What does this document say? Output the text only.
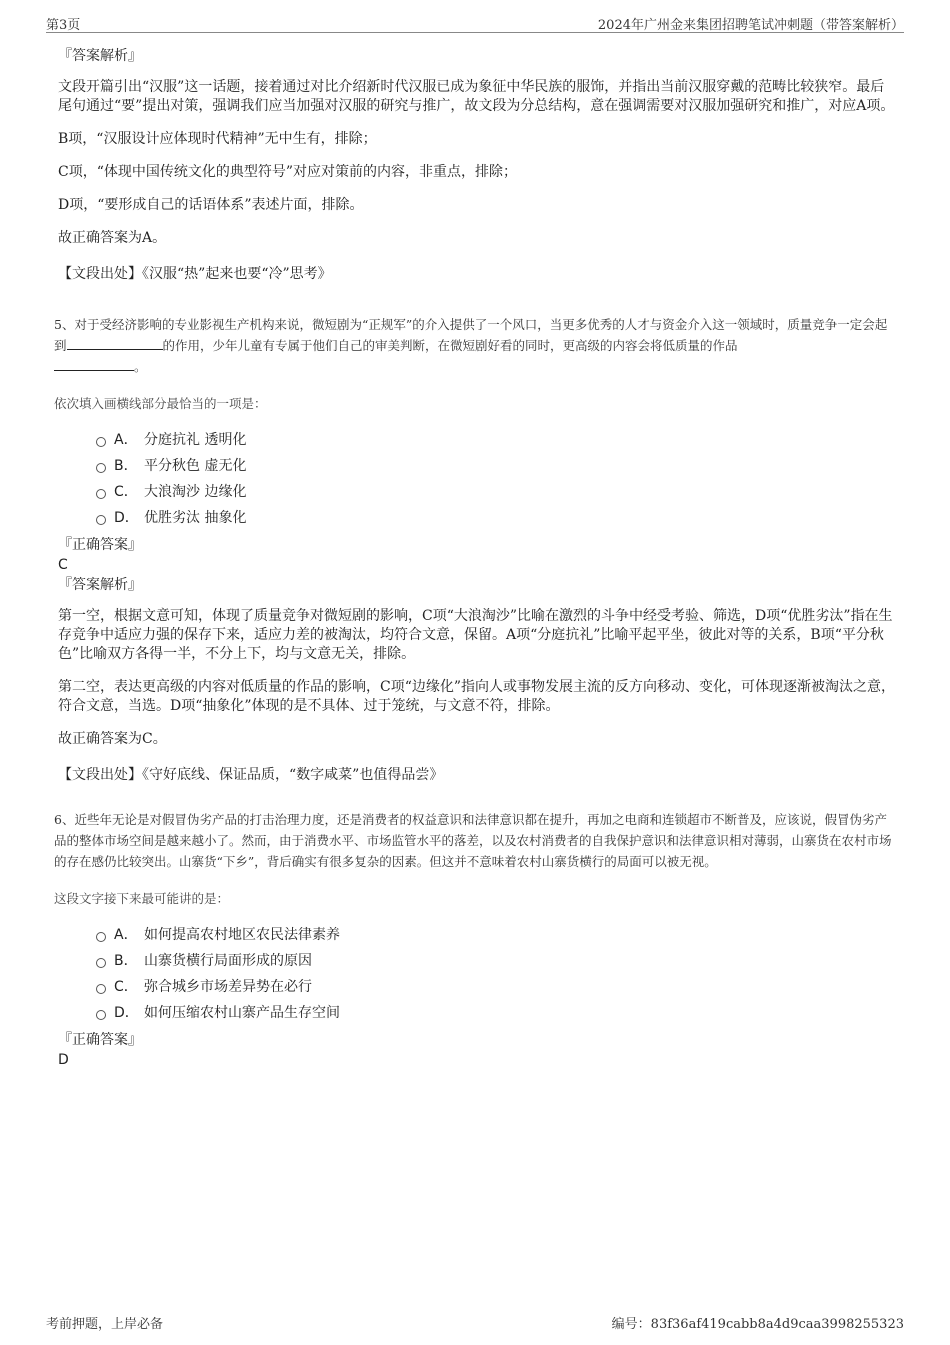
第3页	2024年广州金来集团招聘笔试冲刺题（带答案解析）
『答案解析』
文段开篇引出“汉服”这一话题，接着通过对比介绍新时代汉服已成为象征中华民族的服饰，并指出当前汉服穿戴的范畴比较狭窄。最后尾句通过“要”提出对策，强调我们应当加强对汉服的研究与推广，故文段为分总结构，意在强调需要对汉服加强研究和推广，对应A项。
B项，“汉服设计应体现时代精神”无中生有，排除；
C项，“体现中国传统文化的典型符号”对应对策前的内容，非重点，排除；
D项，“要形成自己的话语体系”表述片面，排除。
故正确答案为A。
【文段出处】《汉服“热”起来也要“冷”思考》
5、对于受经济影响的专业影视生产机构来说，微短剧为“正规军”的介入提供了一个风口，当更多优秀的人才与资金介入这一领域时，质量竞争一定会起到	的作用，少年儿童有专属于他们自己的审美判断，在微短剧好看的同时，更高级的内容会将低质量的作品
。
依次填入画横线部分最恰当的一项是：
A． 分庭抗礼 透明化
B． 平分秋色 虚无化
C． 大浪淘沙 边缘化
D． 优胜劣汰 抽象化
『正确答案』
C
『答案解析』
第一空，根据文意可知，体现了质量竞争对微短剧的影响，C项“大浪淘沙”比喻在激烈的斗争中经受考验、筛选，D项“优胜劣汰”指在生存竞争中适应力强的保存下来，适应力差的被淘汰，均符合文意，保留。A项“分庭抗礼”比喻平起平坐，彼此对等的关系，B项“平分秋色”比喻双方各得一半，不分上下，均与文意无关，排除。
第二空，表达更高级的内容对低质量的作品的影响，C项“边缘化”指向人或事物发展主流的反方向移动、变化，可体现逐渐被淘汰之意，符合文意，当选。D项“抽象化”体现的是不具体、过于笼统，与文意不符，排除。
故正确答案为C。
【文段出处】《守好底线、保证品质，“数字咸菜”也值得品尝》
6、近些年无论是对假冒伪劣产品的打击治理力度，还是消费者的权益意识和法律意识都在提升，再加之电商和连锁超市不断普及，应该说，假冒伪劣产品的整体市场空间是越来越小了。然而，由于消费水平、市场监管水平的落差，以及农村消费者的自我保护意识和法律意识相对薄弱，山寨货在农村市场的存在感仍比较突出。山寨货“下乡”，背后确实有很多复杂的因素。但这并不意味着农村山寨货横行的局面可以被无视。
这段文字接下来最可能讲的是：
A． 如何提高农村地区农民法律素养
B． 山寨货横行局面形成的原因
C． 弥合城乡市场差异势在必行
D． 如何压缩农村山寨产品生存空间
『正确答案』
D
考前押题，上岸必备	编号：83f36af419cabb8a4d9caa3998255323
